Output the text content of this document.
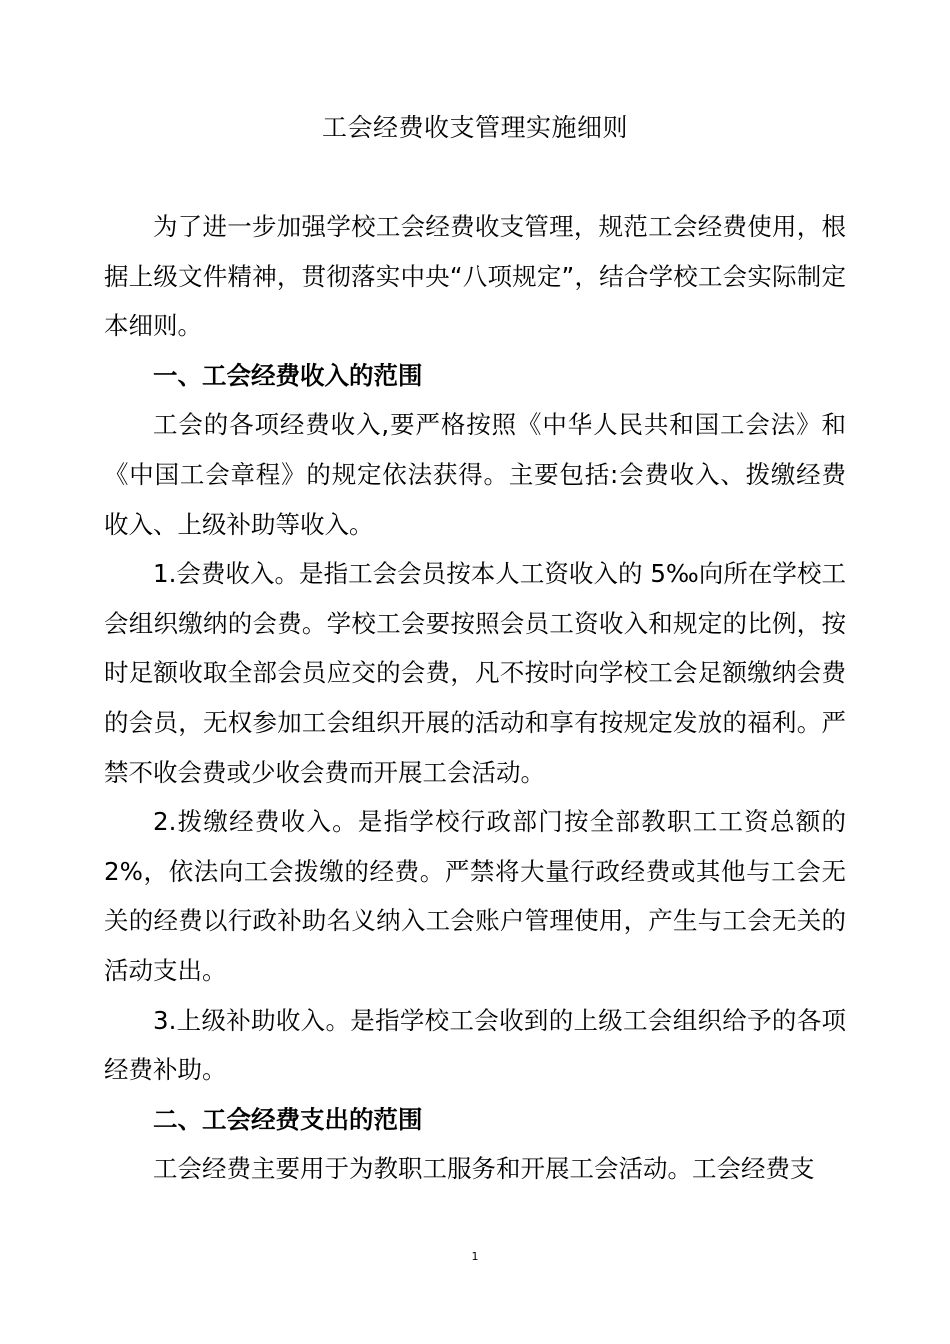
工会经费收支管理实施细则

为了进一步加强学校工会经费收支管理，规范工会经费使用，根据上级文件精神，贯彻落实中央“八项规定”，结合学校工会实际制定本细则。

一、工会经费收入的范围

工会的各项经费收入,要严格按照《中华人民共和国工会法》和《中国工会章程》的规定依法获得。主要包括:会费收入、拨缴经费收入、上级补助等收入。

1.会费收入。是指工会会员按本人工资收入的 5‰向所在学校工会组织缴纳的会费。学校工会要按照会员工资收入和规定的比例，按时足额收取全部会员应交的会费，凡不按时向学校工会足额缴纳会费的会员，无权参加工会组织开展的活动和享有按规定发放的福利。严禁不收会费或少收会费而开展工会活动。

2.拨缴经费收入。是指学校行政部门按全部教职工工资总额的2%，依法向工会拨缴的经费。严禁将大量行政经费或其他与工会无关的经费以行政补助名义纳入工会账户管理使用，产生与工会无关的活动支出。

3.上级补助收入。是指学校工会收到的上级工会组织给予的各项经费补助。

二、工会经费支出的范围

工会经费主要用于为教职工服务和开展工会活动。工会经费支

1
